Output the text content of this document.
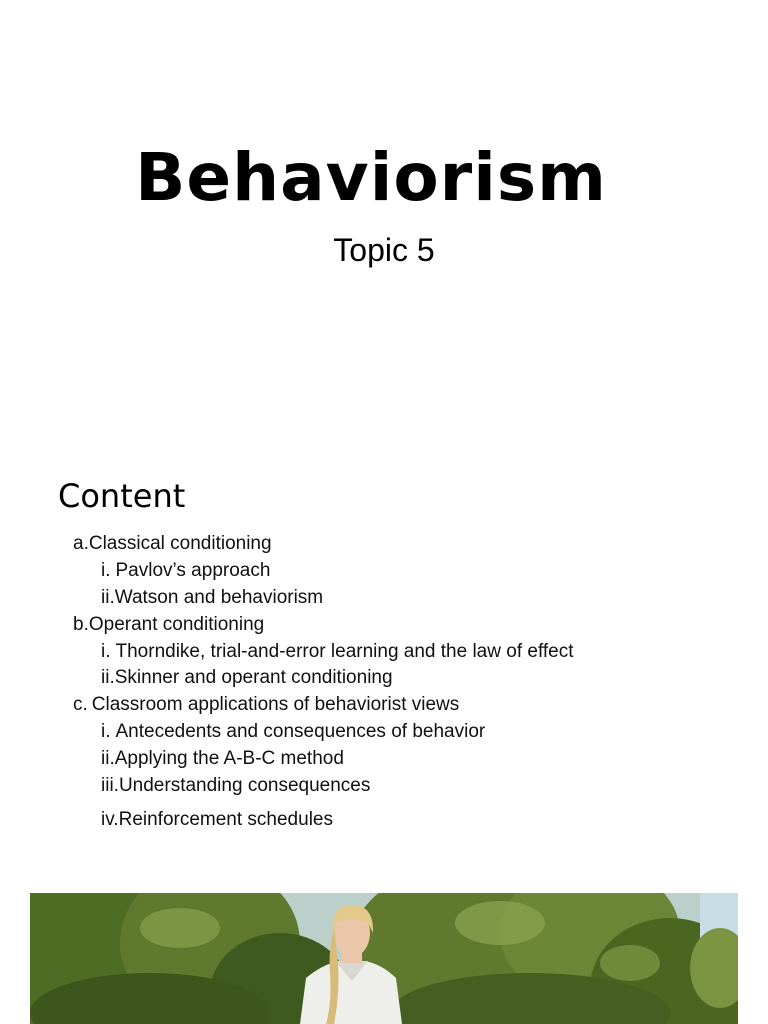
Behaviorism
Topic 5
Content
a.Classical conditioning
i. Pavlov’s approach
ii.Watson and behaviorism
b.Operant conditioning
i. Thorndike, trial-and-error learning and the law of effect
ii.Skinner and operant conditioning
c. Classroom applications of behaviorist views
i. Antecedents and consequences of behavior
ii.Applying the A-B-C method
iii.Understanding consequences
iv.Reinforcement schedules
